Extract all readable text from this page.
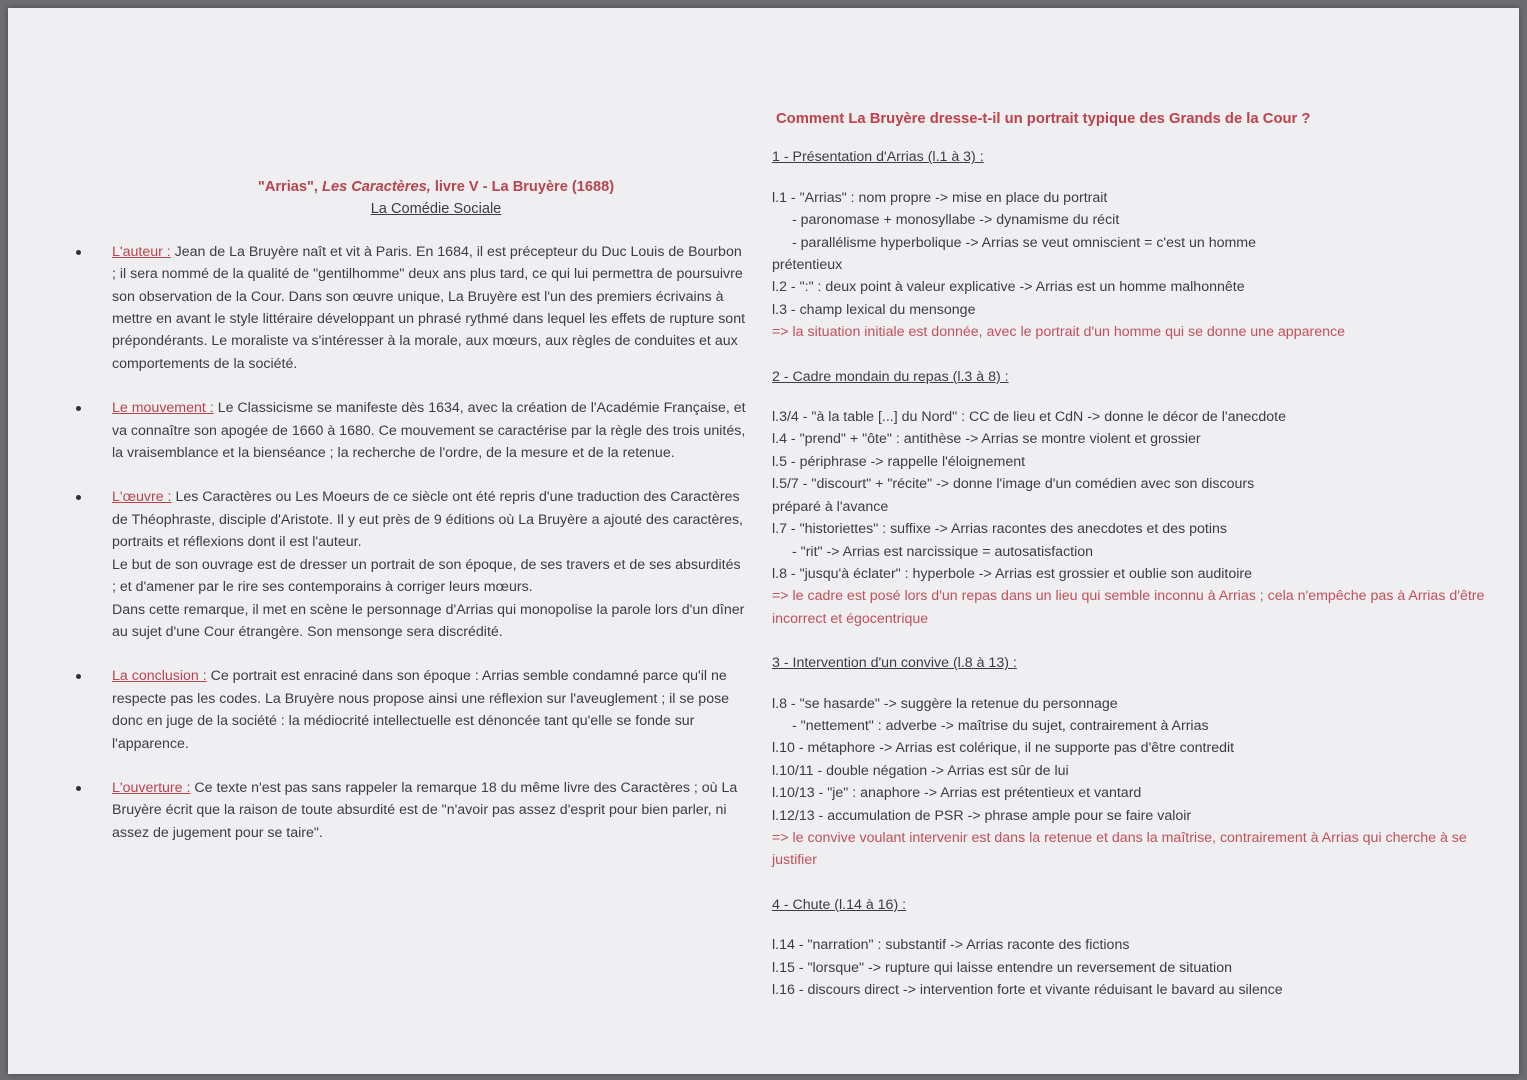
"Arrias", Les Caractères, livre V - La Bruyère (1688)
La Comédie Sociale
L'auteur : Jean de La Bruyère naît et vit à Paris. En 1684, il est précepteur du Duc Louis de Bourbon ; il sera nommé de la qualité de "gentilhomme" deux ans plus tard, ce qui lui permettra de poursuivre son observation de la Cour. Dans son œuvre unique, La Bruyère est l'un des premiers écrivains à mettre en avant le style littéraire développant un phrasé rythmé dans lequel les effets de rupture sont prépondérants. Le moraliste va s'intéresser à la morale, aux mœurs, aux règles de conduites et aux comportements de la société.
Le mouvement : Le Classicisme se manifeste dès 1634, avec la création de l'Académie Française, et va connaître son apogée de 1660 à 1680. Ce mouvement se caractérise par la règle des trois unités, la vraisemblance et la bienséance ; la recherche de l'ordre, de la mesure et de la retenue.
L'œuvre : Les Caractères ou Les Moeurs de ce siècle ont été repris d'une traduction des Caractères de Théophraste, disciple d'Aristote. Il y eut près de 9 éditions où La Bruyère a ajouté des caractères, portraits et réflexions dont il est l'auteur.
Le but de son ouvrage est de dresser un portrait de son époque, de ses travers et de ses absurdités ; et d'amener par le rire ses contemporains à corriger leurs mœurs.
Dans cette remarque, il met en scène le personnage d'Arrias qui monopolise la parole lors d'un dîner au sujet d'une Cour étrangère. Son mensonge sera discrédité.
La conclusion : Ce portrait est enraciné dans son époque : Arrias semble condamné parce qu'il ne respecte pas les codes. La Bruyère nous propose ainsi une réflexion sur l'aveuglement ; il se pose donc en juge de la société : la médiocrité intellectuelle est dénoncée tant qu'elle se fonde sur l'apparence.
L'ouverture : Ce texte n'est pas sans rappeler la remarque 18 du même livre des Caractères ; où La Bruyère écrit que la raison de toute absurdité est de "n'avoir pas assez d'esprit pour bien parler, ni assez de jugement pour se taire".
Comment La Bruyère dresse-t-il un portrait typique des Grands de la Cour ?
1 - Présentation d'Arrias (l.1 à 3) :
l.1 - "Arrias" : nom propre -> mise en place du portrait
- paronomase + monosyllabe -> dynamisme du récit
- parallélisme hyperbolique -> Arrias se veut omniscient = c'est un homme
prétentieux
l.2 - ":" : deux point à valeur explicative -> Arrias est un homme malhonnête
l.3 - champ lexical du mensonge
=> la situation initiale est donnée, avec le portrait d'un homme qui se donne une apparence
2 - Cadre mondain du repas (l.3 à 8) :
l.3/4 - "à la table [...] du Nord" : CC de lieu et CdN -> donne le décor de l'anecdote
l.4 - "prend" + "ôte" : antithèse -> Arrias se montre violent et grossier
l.5 - périphrase -> rappelle l'éloignement
l.5/7 - "discourt" + "récite" -> donne l'image d'un comédien avec son discours
préparé à l'avance
l.7 - "historiettes" : suffixe -> Arrias racontes des anecdotes et des potins
- "rit" -> Arrias est narcissique = autosatisfaction
l.8 - "jusqu'à éclater" : hyperbole -> Arrias est grossier et oublie son auditoire
=> le cadre est posé lors d'un repas dans un lieu qui semble inconnu à Arrias ; cela n'empêche pas à Arrias d'être incorrect et égocentrique
3 - Intervention d'un convive (l.8 à 13) :
l.8 - "se hasarde" -> suggère la retenue du personnage
- "nettement" : adverbe -> maîtrise du sujet, contrairement à Arrias
l.10 - métaphore -> Arrias est colérique, il ne supporte pas d'être contredit
l.10/11 - double négation -> Arrias est sûr de lui
l.10/13 - "je" : anaphore -> Arrias est prétentieux et vantard
l.12/13 - accumulation de PSR -> phrase ample pour se faire valoir
=> le convive voulant intervenir est dans la retenue et dans la maîtrise, contrairement à Arrias qui cherche à se justifier
4 - Chute (l.14 à 16) :
l.14 - "narration" : substantif -> Arrias raconte des fictions
l.15 - "lorsque" -> rupture qui laisse entendre un reversement de situation
l.16 - discours direct -> intervention forte et vivante réduisant le bavard au silence
